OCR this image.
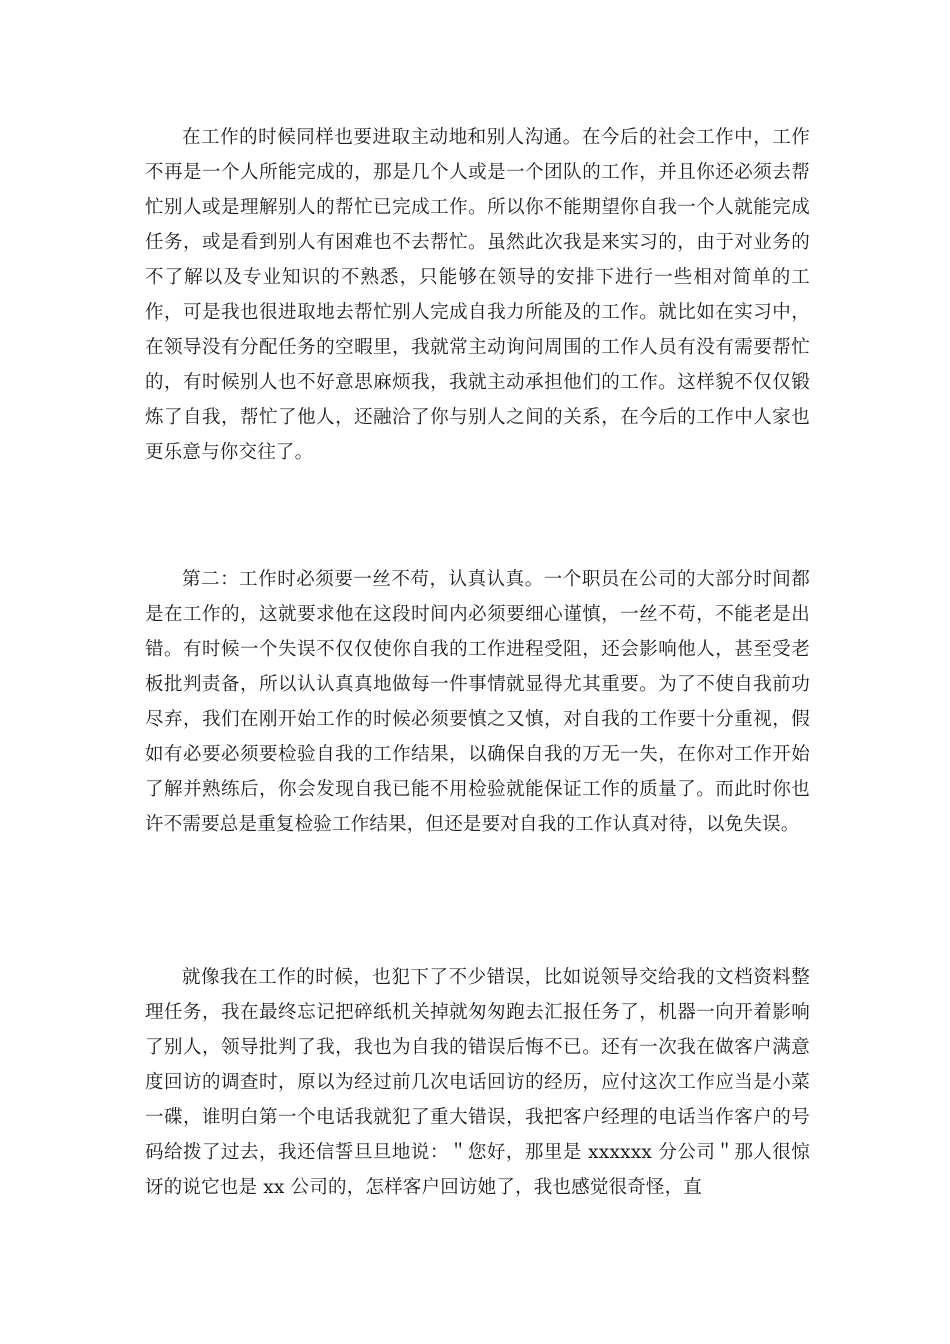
在工作的时候同样也要进取主动地和别人沟通。在今后的社会工作中，工作不再是一个人所能完成的，那是几个人或是一个团队的工作，并且你还必须去帮忙别人或是理解别人的帮忙已完成工作。所以你不能期望你自我一个人就能完成任务，或是看到别人有困难也不去帮忙。虽然此次我是来实习的，由于对业务的不了解以及专业知识的不熟悉，只能够在领导的安排下进行一些相对简单的工作，可是我也很进取地去帮忙别人完成自我力所能及的工作。就比如在实习中，在领导没有分配任务的空暇里，我就常主动询问周围的工作人员有没有需要帮忙的，有时候别人也不好意思麻烦我，我就主动承担他们的工作。这样貌不仅仅锻炼了自我，帮忙了他人，还融洽了你与别人之间的关系，在今后的工作中人家也更乐意与你交往了。

第二：工作时必须要一丝不苟，认真认真。一个职员在公司的大部分时间都是在工作的，这就要求他在这段时间内必须要细心谨慎，一丝不苟，不能老是出错。有时候一个失误不仅仅使你自我的工作进程受阻，还会影响他人，甚至受老板批判责备，所以认认真真地做每一件事情就显得尤其重要。为了不使自我前功尽弃，我们在刚开始工作的时候必须要慎之又慎，对自我的工作要十分重视，假如有必要必须要检验自我的工作结果，以确保自我的万无一失，在你对工作开始了解并熟练后，你会发现自我已能不用检验就能保证工作的质量了。而此时你也许不需要总是重复检验工作结果，但还是要对自我的工作认真对待，以免失误。

就像我在工作的时候，也犯下了不少错误，比如说领导交给我的文档资料整理任务，我在最终忘记把碎纸机关掉就匆匆跑去汇报任务了，机器一向开着影响了别人，领导批判了我，我也为自我的错误后悔不已。还有一次我在做客户满意度回访的调查时，原以为经过前几次电话回访的经历，应付这次工作应当是小菜一碟，谁明白第一个电话我就犯了重大错误，我把客户经理的电话当作客户的号码给拨了过去，我还信誓旦旦地说：＂您好，那里是 xxxxxx 分公司＂那人很惊讶的说它也是 xx 公司的，怎样客户回访她了，我也感觉很奇怪，直
